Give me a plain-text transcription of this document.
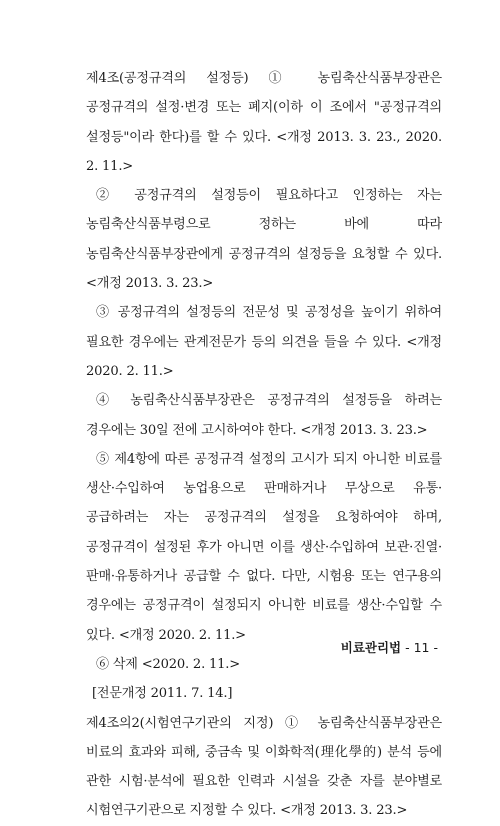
제4조(공정규격의 설정등) ① 농림축산식품부장관은 공정규격의 설정·변경 또는 폐지(이하 이 조에서 "공정규격의 설정등"이라 한다)를 할 수 있다. <개정 2013. 3. 23., 2020. 2. 11.>

② 공정규격의 설정등이 필요하다고 인정하는 자는 농림축산식품부령으로 정하는 바에 따라 농림축산식품부장관에게 공정규격의 설정등을 요청할 수 있다. <개정 2013. 3. 23.>

③ 공정규격의 설정등의 전문성 및 공정성을 높이기 위하여 필요한 경우에는 관계전문가 등의 의견을 들을 수 있다. <개정 2020. 2. 11.>

④ 농림축산식품부장관은 공정규격의 설정등을 하려는 경우에는 30일 전에 고시하여야 한다. <개정 2013. 3. 23.>

⑤ 제4항에 따른 공정규격 설정의 고시가 되지 아니한 비료를 생산·수입하여 농업용으로 판매하거나 무상으로 유통·공급하려는 자는 공정규격의 설정을 요청하여야 하며, 공정규격이 설정된 후가 아니면 이를 생산·수입하여 보관·진열·판매·유통하거나 공급할 수 없다. 다만, 시험용 또는 연구용의 경우에는 공정규격이 설정되지 아니한 비료를 생산·수입할 수 있다. <개정 2020. 2. 11.>

⑥ 삭제 <2020. 2. 11.>

[전문개정 2011. 7. 14.]

제4조의2(시험연구기관의 지정) ① 농림축산식품부장관은 비료의 효과와 피해, 중금속 및 이화학적(理化學的) 분석 등에 관한 시험·분석에 필요한 인력과 시설을 갖춘 자를 분야별로 시험연구기관으로 지정할 수 있다. <개정 2013. 3. 23.>

비료관리법 - 11 -
